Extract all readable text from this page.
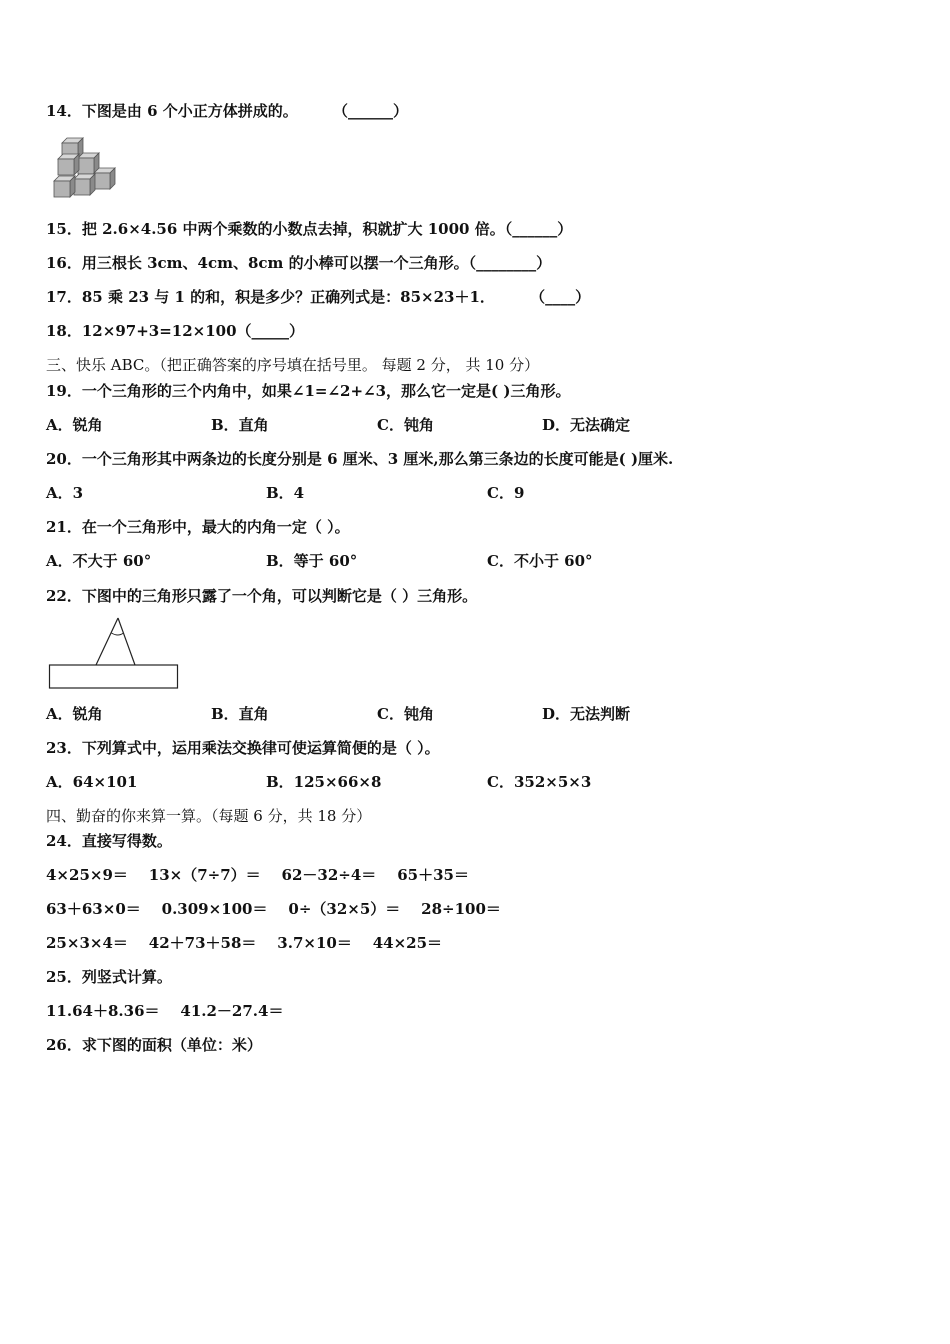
14．下图是由 6 个小正方体拼成的。 （______）
15．把 2.6×4.56 中两个乘数的小数点去掉，积就扩大 1000 倍。（______）
16．用三根长 3cm、4cm、8cm 的小棒可以摆一个三角形。（________）
17．85 乘 23 与 1 的和，积是多少？正确列式是：85×23＋1． （____）
18．12×97+3=12×100（_____）
三、快乐 ABC。（把正确答案的序号填在括号里。 每题 2 分， 共 10 分）
19．一个三角形的三个内角中，如果∠1=∠2+∠3，那么它一定是( )三角形。
A．锐角	B．直角	C．钝角	D．无法确定
20．一个三角形其中两条边的长度分别是 6 厘米、3 厘米,那么第三条边的长度可能是( )厘米.
A．3	B．4	C．9
21．在一个三角形中，最大的内角一定（ ）。
A．不大于 60°	B．等于 60°	C．不小于 60°
22．下图中的三角形只露了一个角，可以判断它是（ ）三角形。
A．锐角	B．直角	C．钝角	D．无法判断
23．下列算式中，运用乘法交换律可使运算简便的是（ ）。
A．64×101	B．125×66×8	C．352×5×3
四、勤奋的你来算一算。（每题 6 分，共 18 分）
24．直接写得数。
4×25×9＝    13×（7÷7）＝    62－32÷4＝    65＋35＝
63＋63×0＝    0.309×100＝    0÷（32×5）＝    28÷100＝
25×3×4＝    42＋73＋58＝    3.7×10＝    44×25＝
25．列竖式计算。
11.64＋8.36＝    41.2－27.4＝
26．求下图的面积（单位：米）
